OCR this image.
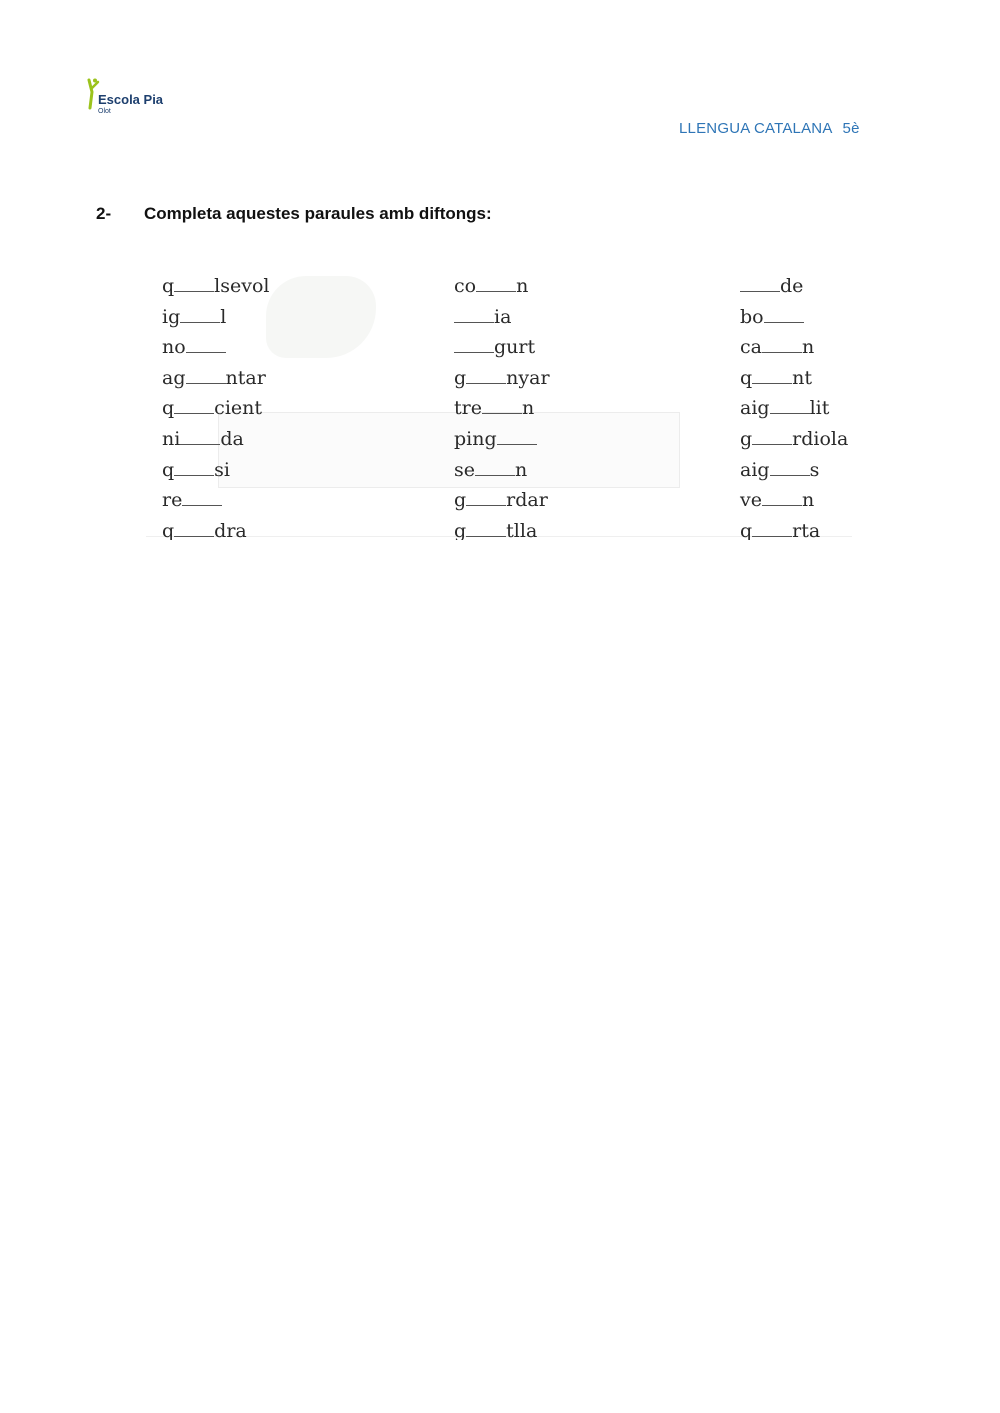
Escola Pia
Olot
LLENGUA CATALANA 5è
2- Completa aquestes paraules amb diftongs:
q lsevol
ig l
no
ag ntar
q cient
ni da
q si
re
q dra
co n
ia
gurt
g nyar
tre n
ping
se n
g rdar
g tlla
de
bo
ca n
q nt
aig lit
g rdiola
aig s
ve n
q rta
